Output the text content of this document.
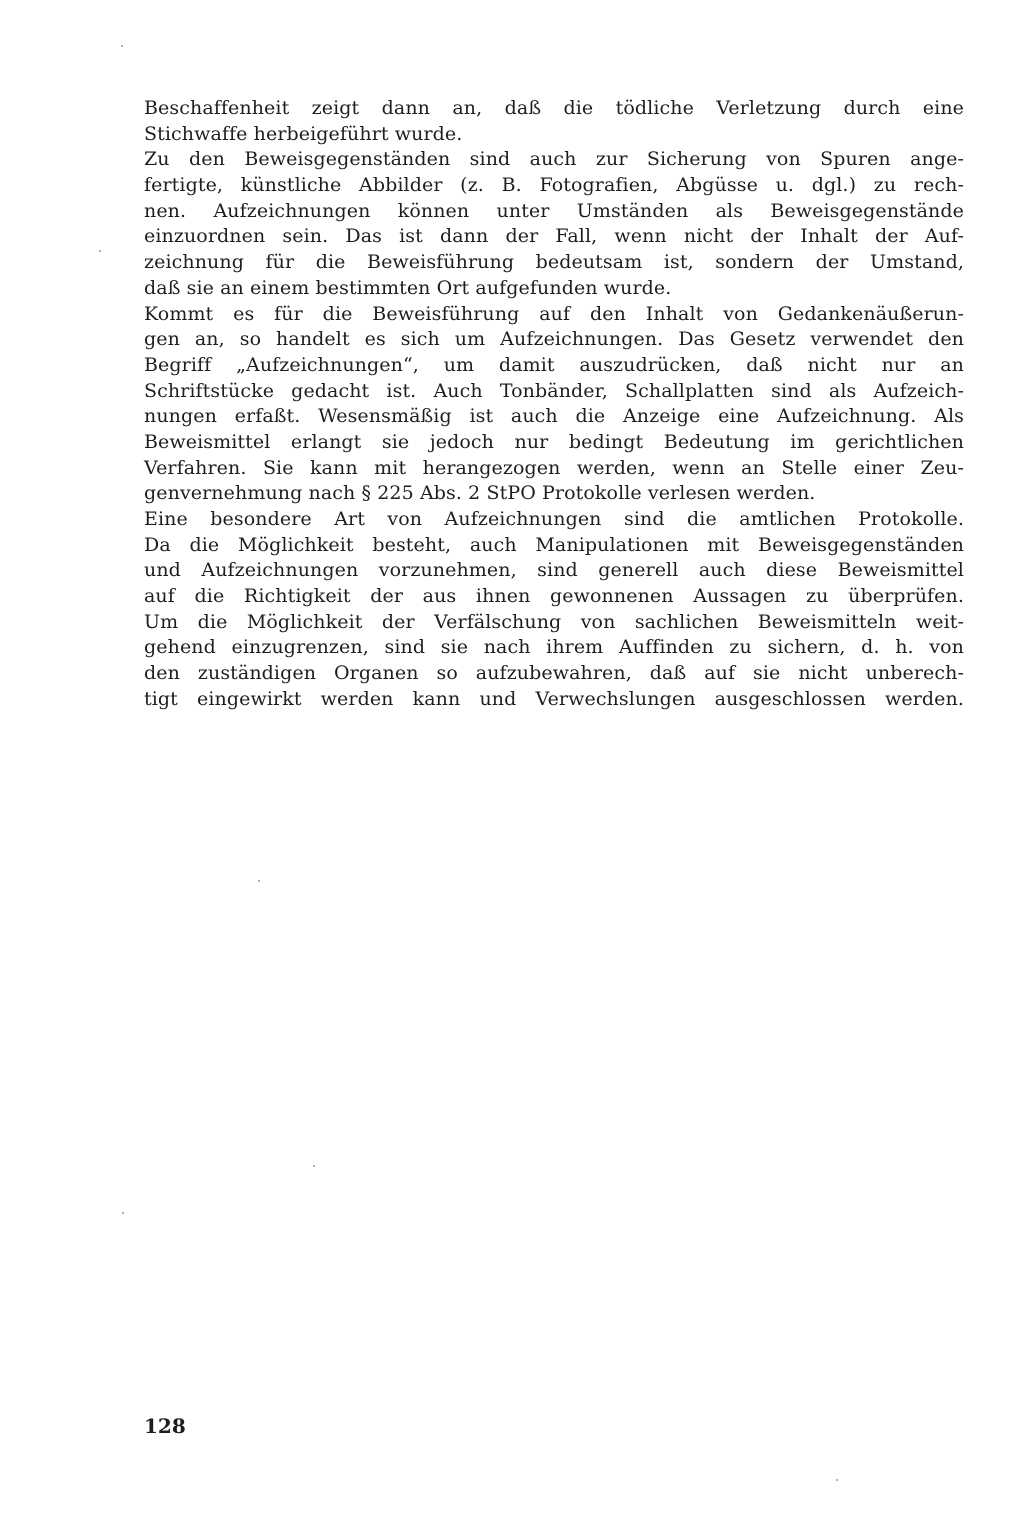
Beschaffenheit zeigt dann an, daß die tödliche Verletzung durch eine
Stichwaffe herbeigeführt wurde.
Zu den Beweisgegenständen sind auch zur Sicherung von Spuren ange-
fertigte, künstliche Abbilder (z. B. Fotografien, Abgüsse u. dgl.) zu rech-
nen. Aufzeichnungen können unter Umständen als Beweisgegenstände
einzuordnen sein. Das ist dann der Fall, wenn nicht der Inhalt der Auf-
zeichnung für die Beweisführung bedeutsam ist, sondern der Umstand,
daß sie an einem bestimmten Ort aufgefunden wurde.
Kommt es für die Beweisführung auf den Inhalt von Gedankenäußerun-
gen an, so handelt es sich um Aufzeichnungen. Das Gesetz verwendet den
Begriff „Aufzeichnungen“, um damit auszudrücken, daß nicht nur an
Schriftstücke gedacht ist. Auch Tonbänder, Schallplatten sind als Aufzeich-
nungen erfaßt. Wesensmäßig ist auch die Anzeige eine Aufzeichnung. Als
Beweismittel erlangt sie jedoch nur bedingt Bedeutung im gerichtlichen
Verfahren. Sie kann mit herangezogen werden, wenn an Stelle einer Zeu-
genvernehmung nach § 225 Abs. 2 StPO Protokolle verlesen werden.
Eine besondere Art von Aufzeichnungen sind die amtlichen Protokolle.
Da die Möglichkeit besteht, auch Manipulationen mit Beweisgegenständen
und Aufzeichnungen vorzunehmen, sind generell auch diese Beweismittel
auf die Richtigkeit der aus ihnen gewonnenen Aussagen zu überprüfen.
Um die Möglichkeit der Verfälschung von sachlichen Beweismitteln weit-
gehend einzugrenzen, sind sie nach ihrem Auffinden zu sichern, d. h. von
den zuständigen Organen so aufzubewahren, daß auf sie nicht unberech-
tigt eingewirkt werden kann und Verwechslungen ausgeschlossen werden.
128
